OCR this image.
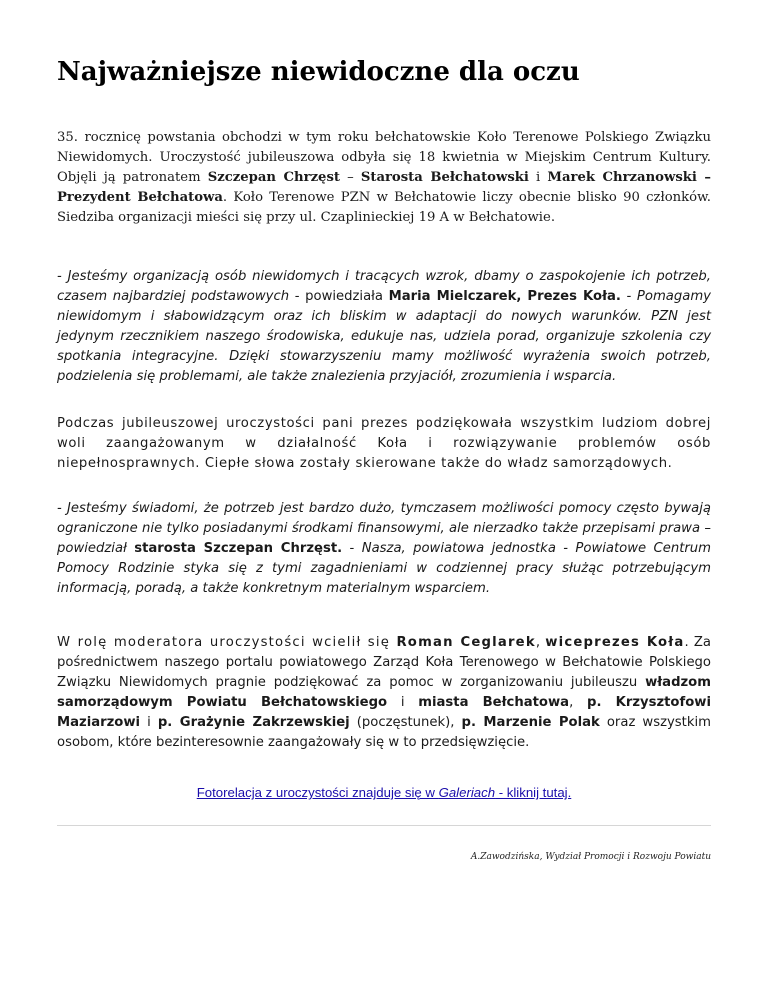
Najważniejsze niewidoczne dla oczu

35. rocznicę powstania obchodzi w tym roku bełchatowskie Koło Terenowe Polskiego Związku Niewidomych. Uroczystość jubileuszowa odbyła się 18 kwietnia w Miejskim Centrum Kultury. Objęli ją patronatem Szczepan Chrzęst – Starosta Bełchatowski i Marek Chrzanowski – Prezydent Bełchatowa. Koło Terenowe PZN w Bełchatowie liczy obecnie blisko 90 członków. Siedziba organizacji mieści się przy ul. Czaplinieckiej 19 A w Bełchatowie.

- Jesteśmy organizacją osób niewidomych i tracących wzrok, dbamy o zaspokojenie ich potrzeb, czasem najbardziej podstawowych - powiedziała Maria Mielczarek, Prezes Koła. - Pomagamy niewidomym i słabowidzącym oraz ich bliskim w adaptacji do nowych warunków. PZN jest jedynym rzecznikiem naszego środowiska, edukuje nas, udziela porad, organizuje szkolenia czy spotkania integracyjne. Dzięki stowarzyszeniu mamy możliwość wyrażenia swoich potrzeb, podzielenia się problemami, ale także znalezienia przyjaciół, zrozumienia i wsparcia.

Podczas jubileuszowej uroczystości pani prezes podziękowała wszystkim ludziom dobrej woli zaangażowanym w działalność Koła i rozwiązywanie problemów osób niepełnosprawnych. Ciepłe słowa zostały skierowane także do władz samorządowych.

- Jesteśmy świadomi, że potrzeb jest bardzo dużo, tymczasem możliwości pomocy często bywają ograniczone nie tylko posiadanymi środkami finansowymi, ale nierzadko także przepisami prawa – powiedział starosta Szczepan Chrzęst. - Nasza, powiatowa jednostka - Powiatowe Centrum Pomocy Rodzinie styka się z tymi zagadnieniami w codziennej pracy służąc potrzebującym informacją, poradą, a także konkretnym materialnym wsparciem.

W rolę moderatora uroczystości wcielił się Roman Ceglarek, wiceprezes Koła. Za pośrednictwem naszego portalu powiatowego Zarząd Koła Terenowego w Bełchatowie Polskiego Związku Niewidomych pragnie podziękować za pomoc w zorganizowaniu jubileuszu władzom samorządowym Powiatu Bełchatowskiego i miasta Bełchatowa, p. Krzysztofowi Maziarzowi i p. Grażynie Zakrzewskiej (poczęstunek), p. Marzenie Polak oraz wszystkim osobom, które bezinteresownie zaangażowały się w to przedsięwzięcie.

Fotorelacja z uroczystości znajduje się w Galeriach - kliknij tutaj.

A.Zawodzińska, Wydział Promocji i Rozwoju Powiatu
